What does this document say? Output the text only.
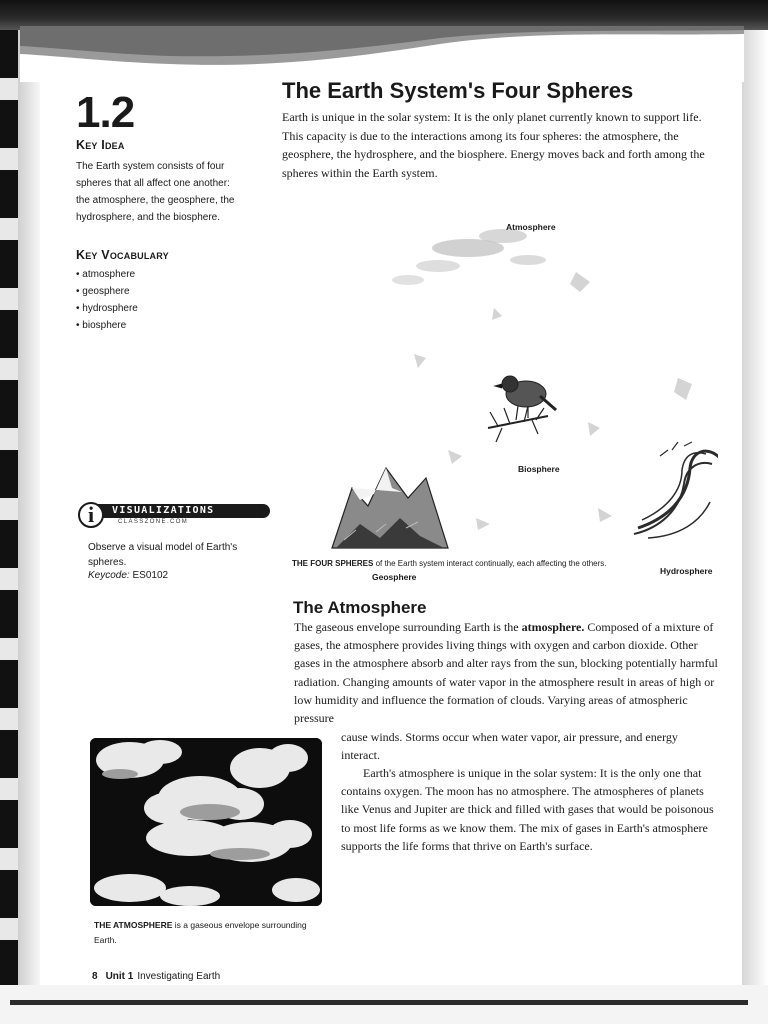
1.2
Key Idea
The Earth system consists of four spheres that all affect one another: the atmosphere, the geosphere, the hydrosphere, and the biosphere.
Key Vocabulary
• atmosphere
• geosphere
• hydrosphere
• biosphere
VISUALIZATIONS
i	CLASSZONE.COM
Observe a visual model of Earth's spheres.
Keycode: ES0102
The Earth System's Four Spheres

Earth is unique in the solar system: It is the only planet currently known to support life. This capacity is due to the interactions among its four spheres: the atmosphere, the geosphere, the hydrosphere, and the biosphere. Energy moves back and forth among the spheres within the Earth system.

Atmosphere
Biosphere
Geosphere
Hydrosphere
THE FOUR SPHERES of the Earth system interact continually, each affecting the others.
The Atmosphere

The gaseous envelope surrounding Earth is the atmosphere. Composed of a mixture of gases, the atmosphere provides living things with oxygen and carbon dioxide. Other gases in the atmosphere absorb and alter rays from the sun, blocking potentially harmful radiation. Changing amounts of water vapor in the atmosphere result in areas of high or low humidity and influence the formation of clouds. Varying areas of atmospheric pressure

cause winds. Storms occur when water vapor, air pressure, and energy interact.

Earth's atmosphere is unique in the solar system: It is the only one that contains oxygen. The moon has no atmosphere. The atmospheres of planets like Venus and Jupiter are thick and filled with gases that would be poisonous to most life forms as we know them. The mix of gases in Earth's atmosphere supports the life forms that thrive on Earth's surface.

THE ATMOSPHERE is a gaseous envelope surrounding Earth.
8 Unit 1 Investigating Earth
